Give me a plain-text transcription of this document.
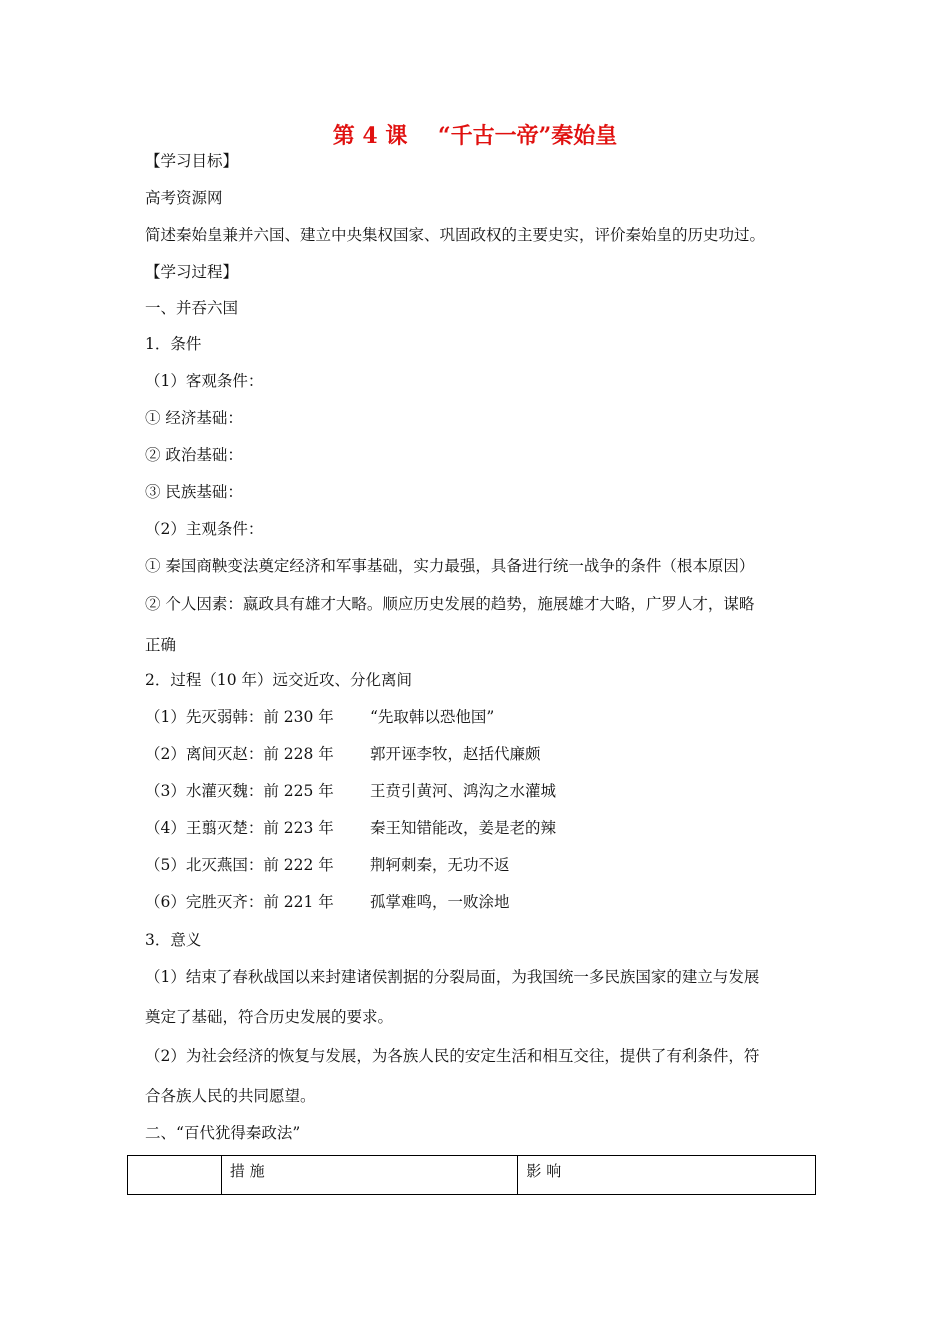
第 4 课    “千古一帝”秦始皇
【学习目标】
高考资源网
简述秦始皇兼并六国、建立中央集权国家、巩固政权的主要史实，评价秦始皇的历史功过。
【学习过程】
一、并吞六国
1．条件
（1）客观条件：
① 经济基础：
② 政治基础：
③ 民族基础：
（2）主观条件：
① 秦国商鞅变法奠定经济和军事基础，实力最强，具备进行统一战争的条件（根本原因）
② 个人因素：嬴政具有雄才大略。顺应历史发展的趋势，施展雄才大略，广罗人才，谋略
正确
2．过程（10 年）远交近攻、分化离间
（1）先灭弱韩：前 230 年 “先取韩以恐他国”
（2）离间灭赵：前 228 年 郭开诬李牧，赵括代廉颇
（3）水灌灭魏：前 225 年 王贲引黄河、鸿沟之水灌城
（4）王翦灭楚：前 223 年 秦王知错能改，姜是老的辣
（5）北灭燕国：前 222 年 荆轲刺秦，无功不返
（6）完胜灭齐：前 221 年 孤掌难鸣，一败涂地
3．意义
（1）结束了春秋战国以来封建诸侯割据的分裂局面，为我国统一多民族国家的建立与发展
奠定了基础，符合历史发展的要求。
（2）为社会经济的恢复与发展，为各族人民的安定生活和相互交往，提供了有利条件，符
合各族人民的共同愿望。
二、“百代犹得秦政法”
	措 施	影 响
